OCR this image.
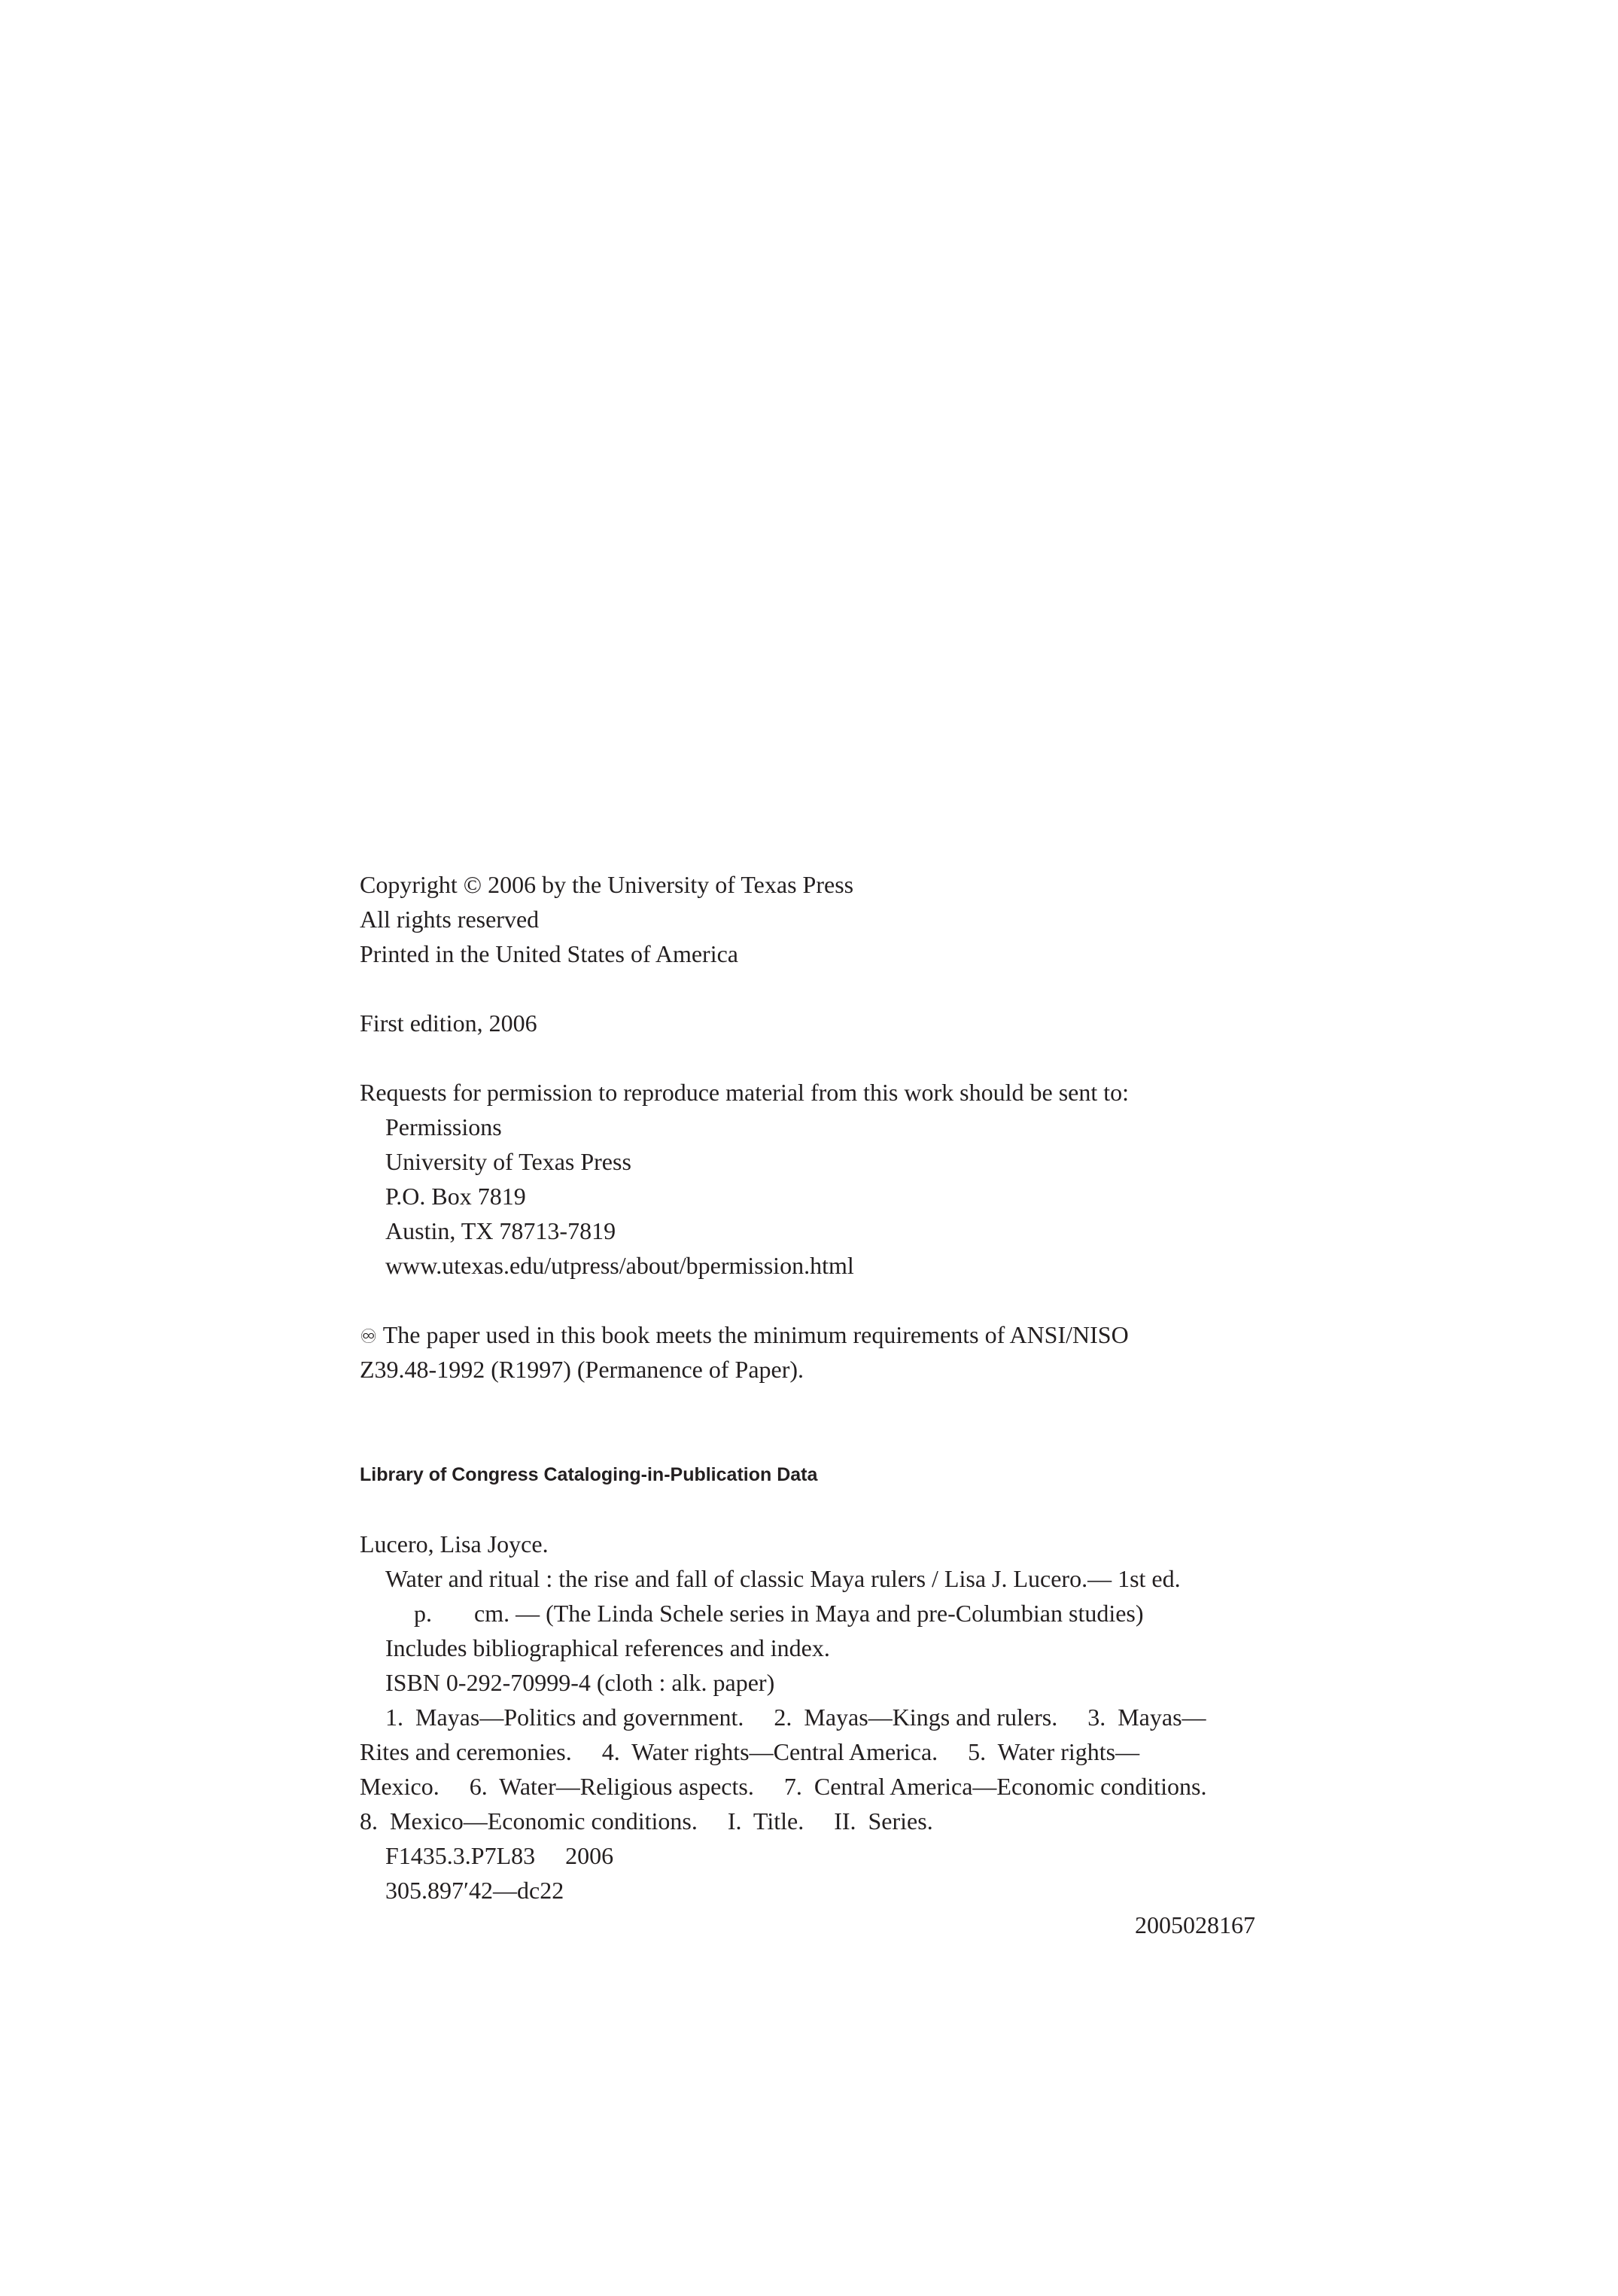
Copyright © 2006 by the University of Texas Press
All rights reserved
Printed in the United States of America
First edition, 2006
Requests for permission to reproduce material from this work should be sent to:
Permissions
University of Texas Press
P.O. Box 7819
Austin, TX 78713-7819
www.utexas.edu/utpress/about/bpermission.html
♾ The paper used in this book meets the minimum requirements of ANSI/NISO
Z39.48-1992 (R1997) (Permanence of Paper).
Library of Congress Cataloging-in-Publication Data
Lucero, Lisa Joyce.
Water and ritual : the rise and fall of classic Maya rulers / Lisa J. Lucero.— 1st ed.
p. cm. — (The Linda Schele series in Maya and pre-Columbian studies)
Includes bibliographical references and index.
ISBN 0-292-70999-4 (cloth : alk. paper)
1.  Mayas—Politics and government.     2.  Mayas—Kings and rulers.     3.  Mayas—
Rites and ceremonies.     4.  Water rights—Central America.     5.  Water rights—
Mexico.     6.  Water—Religious aspects.     7.  Central America—Economic conditions.
8.  Mexico—Economic conditions.     I.  Title.     II.  Series.
F1435.3.P7L83     2006
305.897′42—dc22
2005028167
